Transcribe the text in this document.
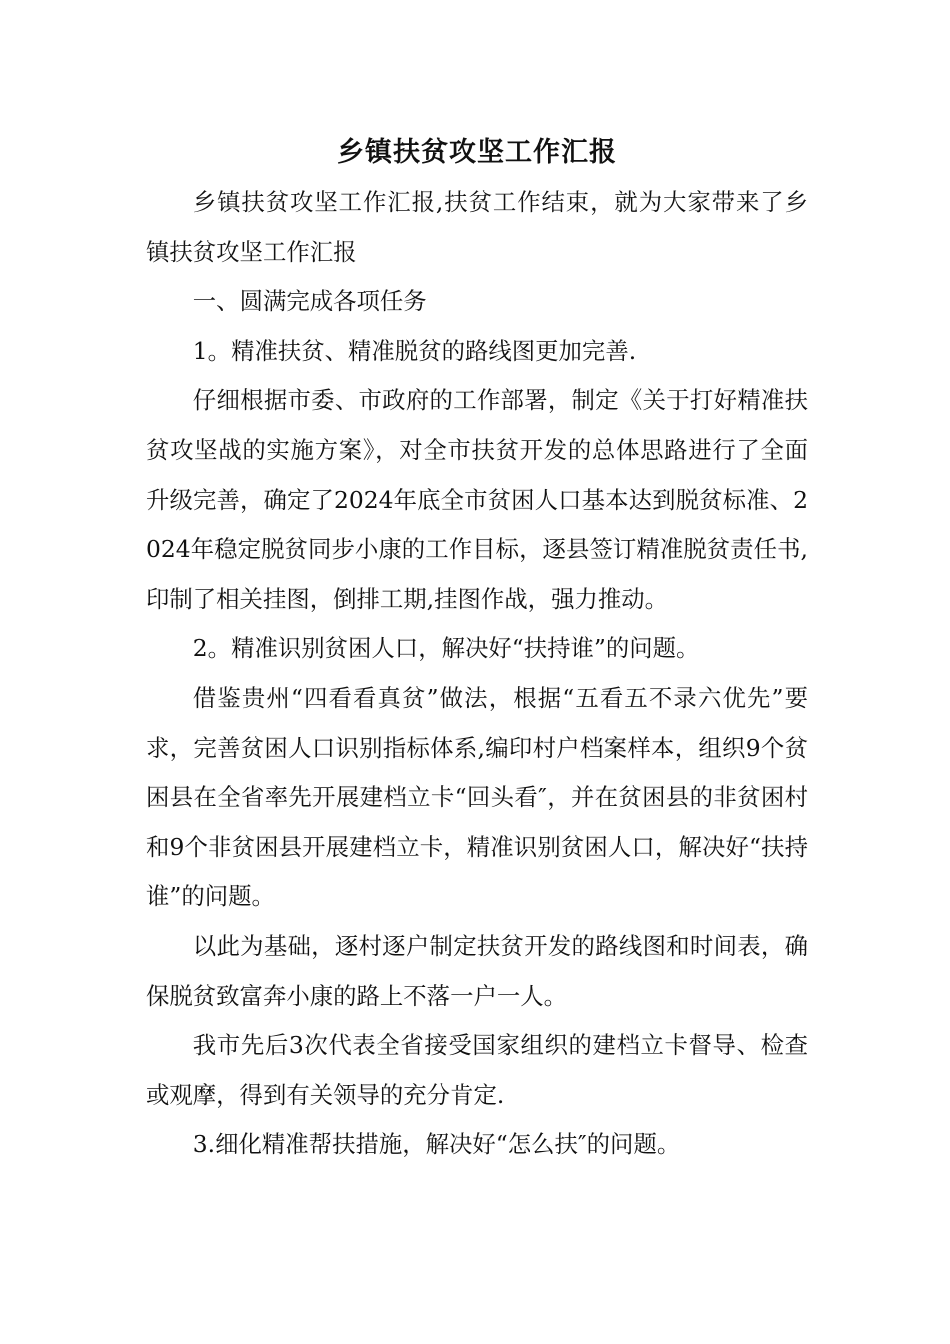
乡镇扶贫攻坚工作汇报

乡镇扶贫攻坚工作汇报,扶贫工作结束，就为大家带来了乡镇扶贫攻坚工作汇报

一、圆满完成各项任务

1。精准扶贫、精准脱贫的路线图更加完善.

仔细根据市委、市政府的工作部署，制定《关于打好精准扶贫攻坚战的实施方案》，对全市扶贫开发的总体思路进行了全面升级完善，确定了2024年底全市贫困人口基本达到脱贫标准、2024年稳定脱贫同步小康的工作目标，逐县签订精准脱贫责任书,印制了相关挂图，倒排工期,挂图作战，强力推动。

2。精准识别贫困人口，解决好“扶持谁”的问题。

借鉴贵州“四看看真贫”做法，根据“五看五不录六优先”要求，完善贫困人口识别指标体系,编印村户档案样本，组织9个贫困县在全省率先开展建档立卡“回头看″，并在贫困县的非贫困村和9个非贫困县开展建档立卡，精准识别贫困人口，解决好“扶持谁”的问题。

以此为基础，逐村逐户制定扶贫开发的路线图和时间表，确保脱贫致富奔小康的路上不落一户一人。

我市先后3次代表全省接受国家组织的建档立卡督导、检查或观摩，得到有关领导的充分肯定.

3.细化精准帮扶措施，解决好“怎么扶″的问题。
